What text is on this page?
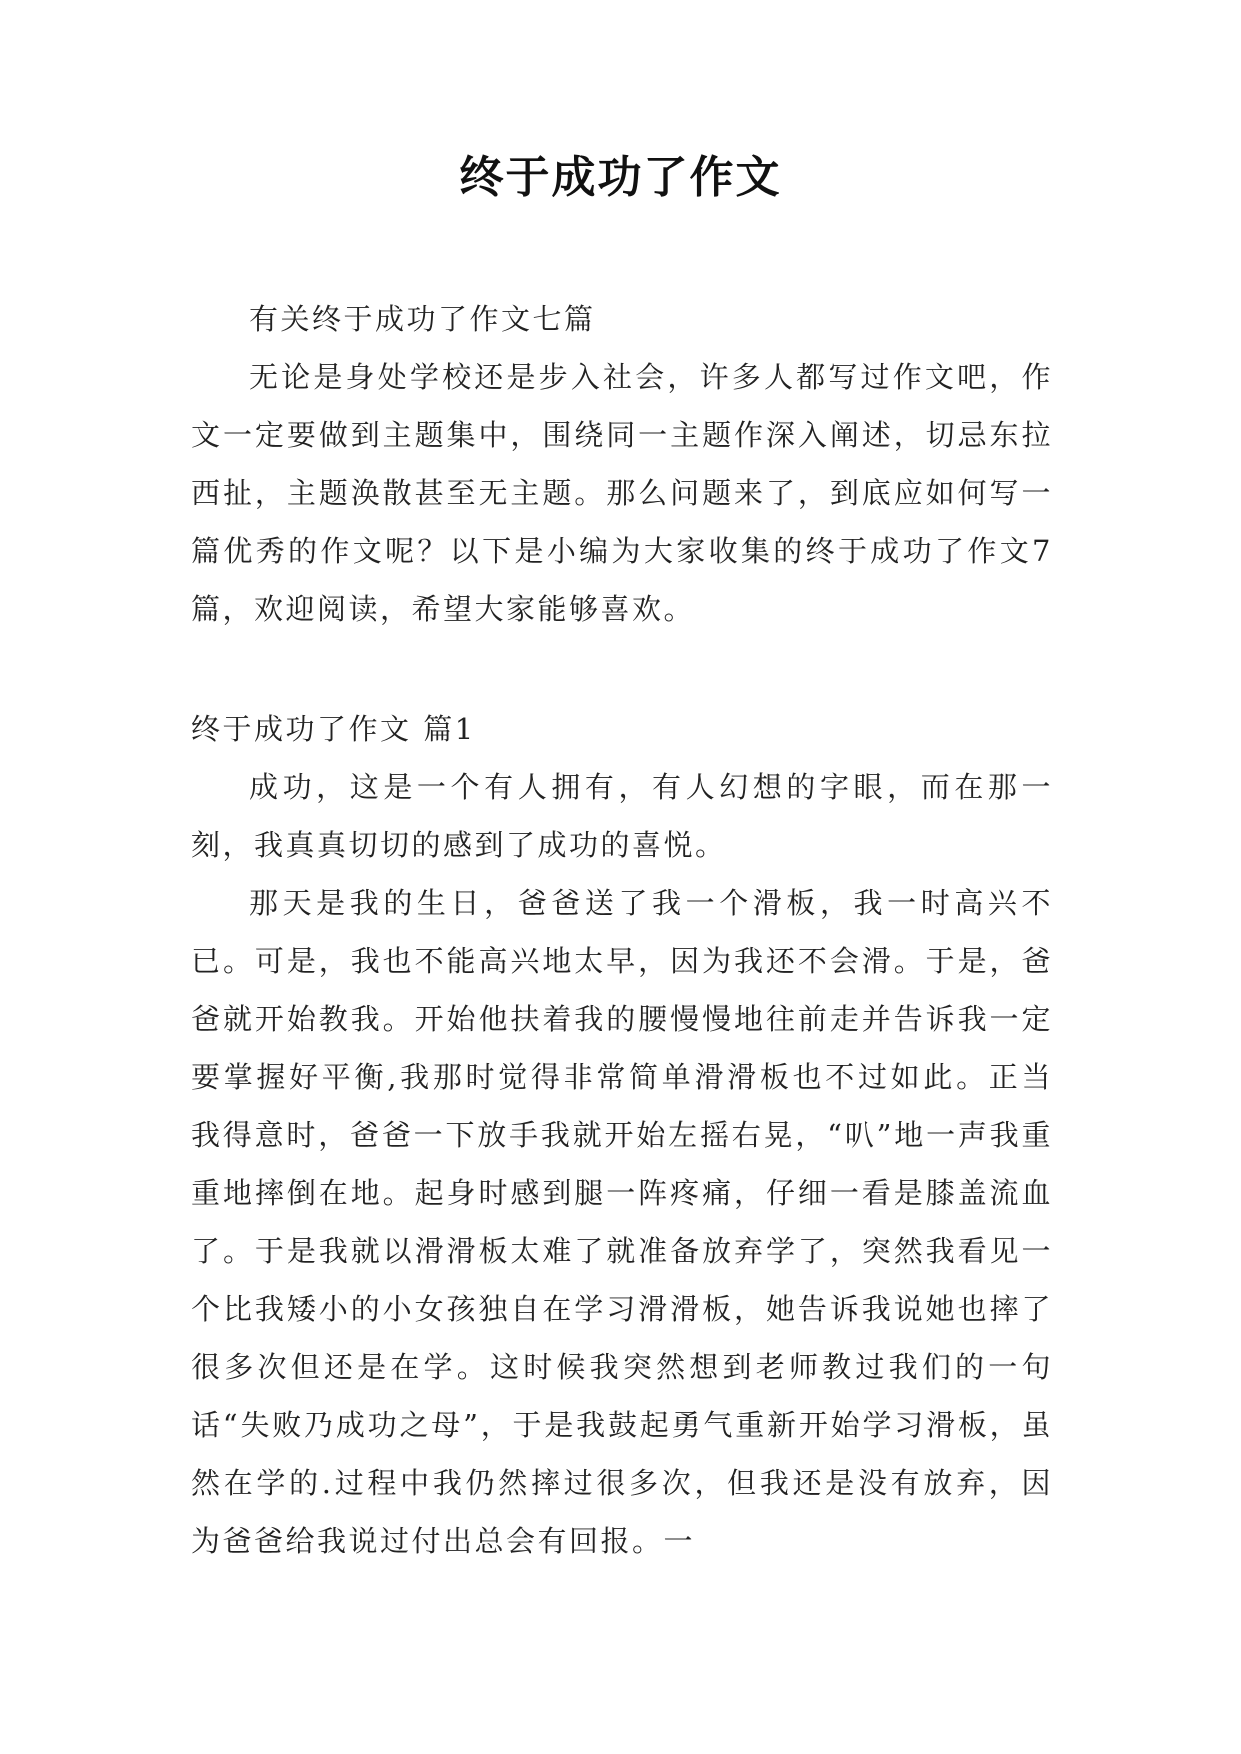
终于成功了作文

有关终于成功了作文七篇

无论是身处学校还是步入社会，许多人都写过作文吧，作文一定要做到主题集中，围绕同一主题作深入阐述，切忌东拉西扯，主题涣散甚至无主题。那么问题来了，到底应如何写一篇优秀的作文呢？以下是小编为大家收集的终于成功了作文7篇，欢迎阅读，希望大家能够喜欢。

终于成功了作文 篇1

成功，这是一个有人拥有，有人幻想的字眼，而在那一刻，我真真切切的感到了成功的喜悦。

那天是我的生日，爸爸送了我一个滑板，我一时高兴不已。可是，我也不能高兴地太早，因为我还不会滑。于是，爸爸就开始教我。开始他扶着我的腰慢慢地往前走并告诉我一定要掌握好平衡,我那时觉得非常简单滑滑板也不过如此。正当我得意时，爸爸一下放手我就开始左摇右晃，“叭”地一声我重重地摔倒在地。起身时感到腿一阵疼痛，仔细一看是膝盖流血了。于是我就以滑滑板太难了就准备放弃学了，突然我看见一个比我矮小的小女孩独自在学习滑滑板，她告诉我说她也摔了很多次但还是在学。这时候我突然想到老师教过我们的一句话“失败乃成功之母”，于是我鼓起勇气重新开始学习滑板，虽然在学的.过程中我仍然摔过很多次，但我还是没有放弃，因为爸爸给我说过付出总会有回报。一
